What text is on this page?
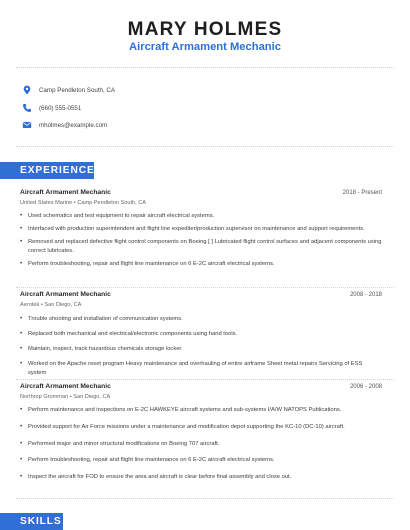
MARY HOLMES
Aircraft Armament Mechanic
Camp Pendleton South, CA
(660) 555-0551
mholmes@example.com
EXPERIENCE
Aircraft Armament Mechanic	2018 - Present
United States Marine • Camp Pendleton South, CA
• Used schematics and test equipment to repair aircraft electrical systems.
• Interfaced with production superintendent and flight line expediter/production supervisor on maintenance and support requirements.
• Removed and replaced defective flight control components on Boeing [ ] Lubricated flight control surfaces and adjacent components using correct lubricates.
• Perform troubleshooting, repair and flight line maintenance on 6 E-2C aircraft electrical systems.
Aircraft Armament Mechanic	2008 - 2018
Aerotek • San Diego, CA
• Trouble shooting and installation of communication systems.
• Replaced both mechanical and electrical/electronic components using hand tools.
• Maintain, inspect, track hazardous chemicals storage locker.
• Worked on the Apache reset program Heavy maintenance and overhauling of entire airframe Sheet metal repairs Servicing of ESS system
Aircraft Armament Mechanic	2006 - 2008
Northrop Grumman • San Diego, CA
• Perform maintenance and inspections on E-2C HAWKEYE aircraft systems and sub-systems I/A/W NATOPS Publications.
• Provided support for Air Force missions under a maintenance and modification depot supporting the KC-10 (DC-10) aircraft.
• Performed major and minor structural modifications on Boeing 707 aircraft.
• Perform troubleshooting, repair and flight line maintenance on 6 E-2C aircraft electrical systems.
• Inspect the aircraft for FOD to ensure the area and aircraft is clear before final assembly and close out.
SKILLS
